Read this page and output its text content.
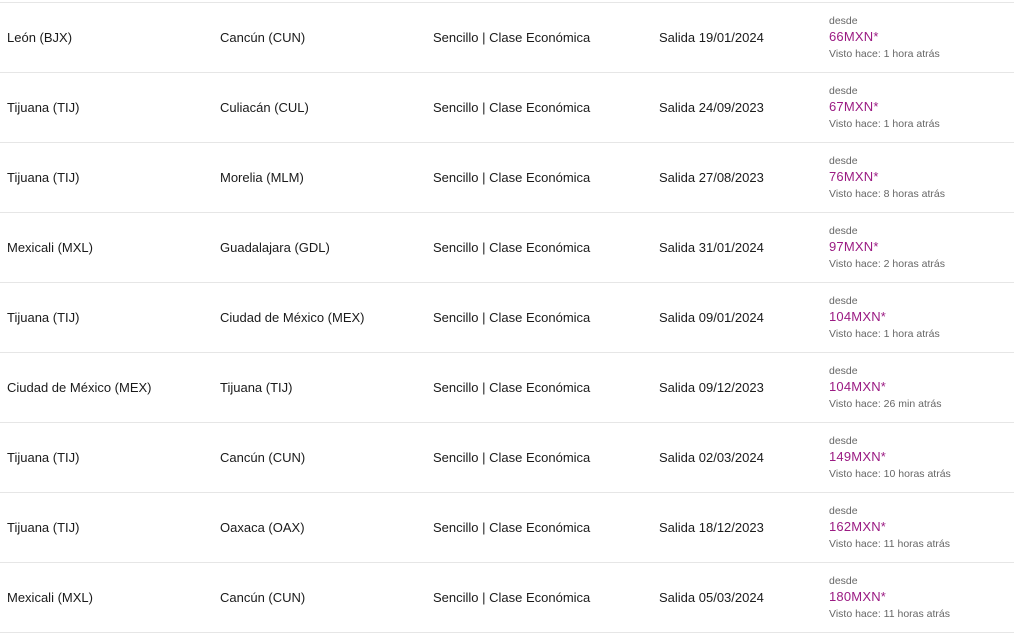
León (BJX)	Cancún (CUN)	Sencillo | Clase Económica	Salida 19/01/2024
desde
66MXN*
Visto hace: 1 hora atrás
Tijuana (TIJ)	Culiacán (CUL)	Sencillo | Clase Económica	Salida 24/09/2023
desde
67MXN*
Visto hace: 1 hora atrás
Tijuana (TIJ)	Morelia (MLM)	Sencillo | Clase Económica	Salida 27/08/2023
desde
76MXN*
Visto hace: 8 horas atrás
Mexicali (MXL)	Guadalajara (GDL)	Sencillo | Clase Económica	Salida 31/01/2024
desde
97MXN*
Visto hace: 2 horas atrás
Tijuana (TIJ)	Ciudad de México (MEX)	Sencillo | Clase Económica	Salida 09/01/2024
desde
104MXN*
Visto hace: 1 hora atrás
Ciudad de México (MEX)	Tijuana (TIJ)	Sencillo | Clase Económica	Salida 09/12/2023
desde
104MXN*
Visto hace: 26 min atrás
Tijuana (TIJ)	Cancún (CUN)	Sencillo | Clase Económica	Salida 02/03/2024
desde
149MXN*
Visto hace: 10 horas atrás
Tijuana (TIJ)	Oaxaca (OAX)	Sencillo | Clase Económica	Salida 18/12/2023
desde
162MXN*
Visto hace: 11 horas atrás
Mexicali (MXL)	Cancún (CUN)	Sencillo | Clase Económica	Salida 05/03/2024
desde
180MXN*
Visto hace: 11 horas atrás
